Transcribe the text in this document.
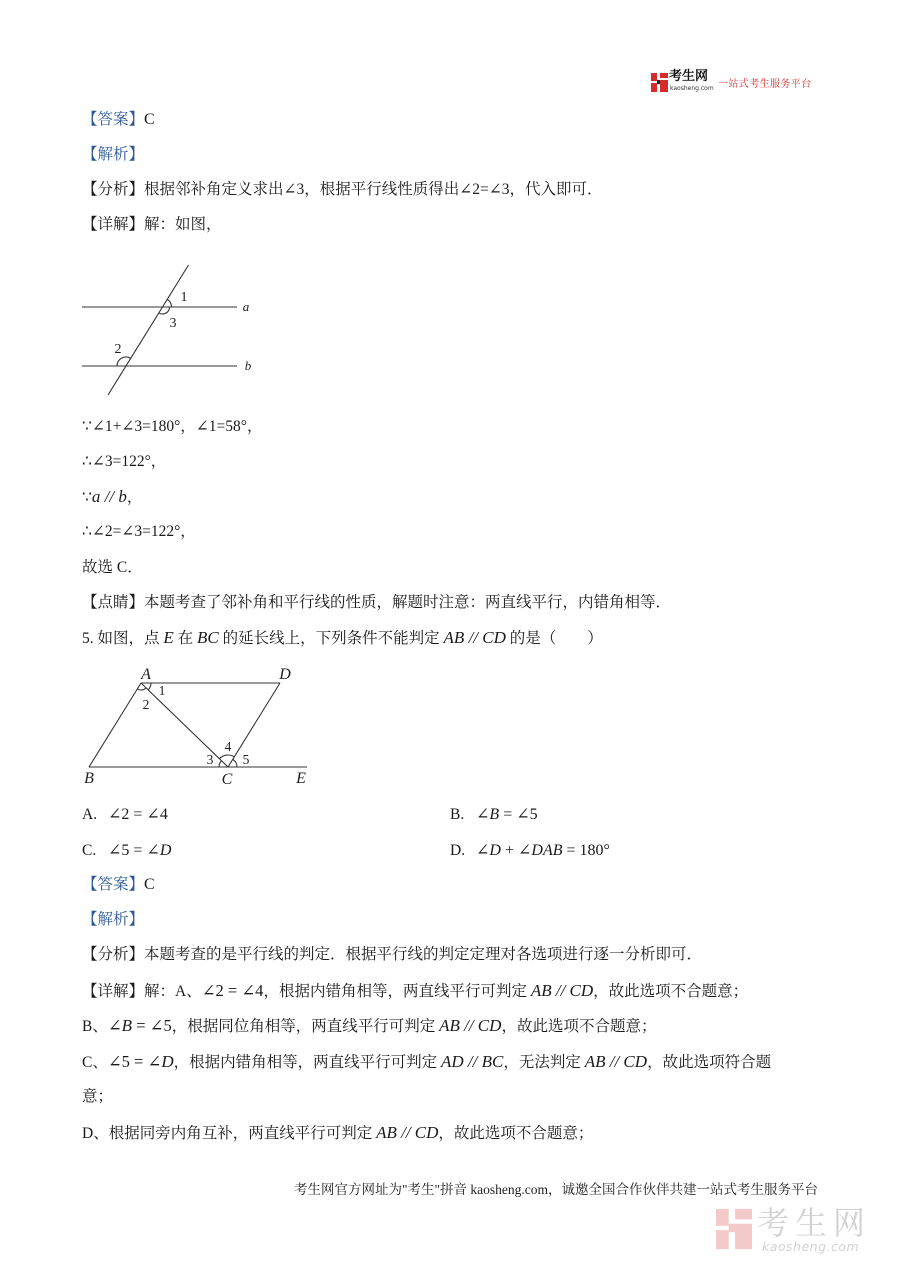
考生网
kaosheng.com 一站式考生服务平台
【答案】C
【解析】
【分析】根据邻补角定义求出∠3，根据平行线性质得出∠2=∠3，代入即可．
【详解】解：如图，
1
3
2
a
b
∵∠1+∠3=180°，∠1=58°，
∴∠3=122°，
∵a // b，
∴∠2=∠3=122°，
故选 C．
【点睛】本题考查了邻补角和平行线的性质，解题时注意：两直线平行，内错角相等．
5. 如图，点 E 在 BC 的延长线上，下列条件不能判定 AB // CD 的是（　　）
A	D
1
2
4
3 5
B	C	E
A. ∠2 = ∠4	B. ∠B = ∠5
C. ∠5 = ∠D	D. ∠D + ∠DAB = 180°
【答案】C
【解析】
【分析】本题考查的是平行线的判定．根据平行线的判定定理对各选项进行逐一分析即可．
【详解】解：A、∠2 = ∠4，根据内错角相等，两直线平行可判定 AB // CD，故此选项不合题意；
B、∠B = ∠5，根据同位角相等，两直线平行可判定 AB // CD，故此选项不合题意；
C、∠5 = ∠D，根据内错角相等，两直线平行可判定 AD // BC，无法判定 AB // CD，故此选项符合题
意；
D、根据同旁内角互补，两直线平行可判定 AB // CD，故此选项不合题意；
考生网官方网址为"考生"拼音 kaosheng.com，诚邀全国合作伙伴共建一站式考生服务平台
考生网
kaosheng.com
